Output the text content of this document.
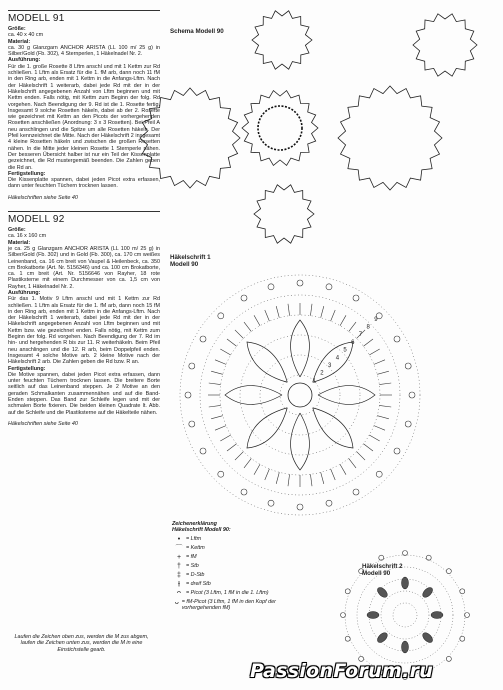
MODELL 91
Größe:
ca. 40 x 40 cm
Material:
ca. 30 g Glanzgarn ANCHOR ARISTA (LL 100 m/ 25 g) in Silber/Gold (Fb. 302), 4 Sternperlen, 1 Häkelnadel Nr. 2.
Ausführung:
Für die 1. große Rosette 8 Lftm anschl und mit 1 Kettm zur Rd schließen. 1 Lftm als Ersatz für die 1. fM arb, dann noch 11 fM in den Ring arb, enden mit 1 Kettm in die Anfangs-Lftm. Nach der Häkelschrift 1 weiterarb, dabei jede Rd mit der in der Häkelschrift angegebenen Anzahl von Lftm beginnen und mit Kettm enden. Falls nötig, mit Kettm zum Beginn der folg. Rd vorgehen. Nach Beendigung der 9. Rd ist die 1. Rosette fertig. Insgesamt 9 solche Rosetten häkeln, dabei ab der 2. Rosette wie gezeichnet mit Kettm an den Picots der vorhergehenden Rosetten anschließen (Anordnung: 3 x 3 Rosetten). Bei Pfeil A neu anschlingen und die Spitze um alle Rosetten häkeln. Der Pfeil kennzeichnet die Mitte. Nach der Häkelschrift 2 insgesamt 4 kleine Rosetten häkeln und zwischen die großen Rosetten nähen. In die Mitte jeder kleinen Rosette 1 Sternperle nähen. Der besseren Übersicht halber ist nur ein Teil der Kissenplatte gezeichnet, die Rd mustergemäß beenden. Die Zahlen geben die Rd an.
Fertigstellung:
Die Kissenplatte spannen, dabei jeden Picot extra erfassen, dann unter feuchten Tüchern trocknen lassen.
Häkelschriften siehe Seite 40
MODELL 92
Größe:
ca. 16 x 160 cm
Material:
je ca. 25 g Glanzgarn ANCHOR ARISTA (LL 100 m/ 25 g) in Silber/Gold (Fb. 302) und in Gold (Fb. 300), ca. 170 cm weißes Leinenband, ca. 16 cm breit von Vaupel & Heilenbeck, ca. 350 cm Brokatborte (Art. Nr. 5156346) und ca. 100 cm Brokatborte, ca. 1 cm breit (Art. Nr. 5156646 von Rayher, 18 rote Plastiksterne mit einem Durchmesser von ca. 1,5 cm von Rayher, 1 Häkelnadel Nr. 2.
Ausführung:
Für das 1. Motiv 9 Lftm anschl und mit 1 Kettm zur Rd schließen. 1 Lftm als Ersatz für die 1. fM arb, dann noch 15 fM in den Ring arb, enden mit 1 Kettm in die Anfangs-Lftm. Nach der Häkelschrift 1 weiterarb, dabei jede Rd mit der in der Häkelschrift angegebenen Anzahl von Lftm beginnen und mit Kettm bzw. wie gezeichnet enden. Falls nötig, mit Kettm zum Beginn der folg. Rd vorgehen. Nach Beendigung der 7. Rd im hin- und hergehenden R bis zur 11. R weiterhäkeln. Beim Pfeil neu anschlingen und die 12. R arb, beim Doppelpfeil enden. Insgesamt 4 solche Motive arb. 2 kleine Motive nach der Häkelschrift 2 arb. Die Zahlen geben die Rd bzw. R an.
Fertigstellung:
Die Motive spannen, dabei jeden Picot extra erfassen, dann unter feuchten Tüchern trocknen lassen. Die breitere Borte seitlich auf das Leinenband steppen. Je 2 Motive an den geraden Schmalkanten zusammennähen und auf die Band-Enden steppen. Das Band zur Schleife legen und mit der schmalen Borte fixieren. Die beiden kleinen Quadrate lt. Abb. auf die Schleife und die Plastiksterne auf die Häkelteile nähen.
Häkelschriften siehe Seite 40
Laufen die Zeichen oben zus, werden die M zus abgem, laufen die Zeichen unten zus, werden die M in eine Einstichstelle gearb.
Schema Modell 90
Häkelschrift 1
Modell 90
Häkelschrift 2
Modell 90
Zeichenerklärung
Häkelschrift Modell 90:
•	= Lftm
⌒ = Kettm
+ = fM
† = Stb
‡ = D-Stb
⫲	= dreif Stb
ᴖ = Picot (3 Lftm, 1 fM in die 1. Lftm)
ᴗ = fM-Picot (3 Lftm, 1 fM in den Kopf der vorhergehenden fM)
1
2
3
4
5
6
7
8
9
PassionForum.ru
